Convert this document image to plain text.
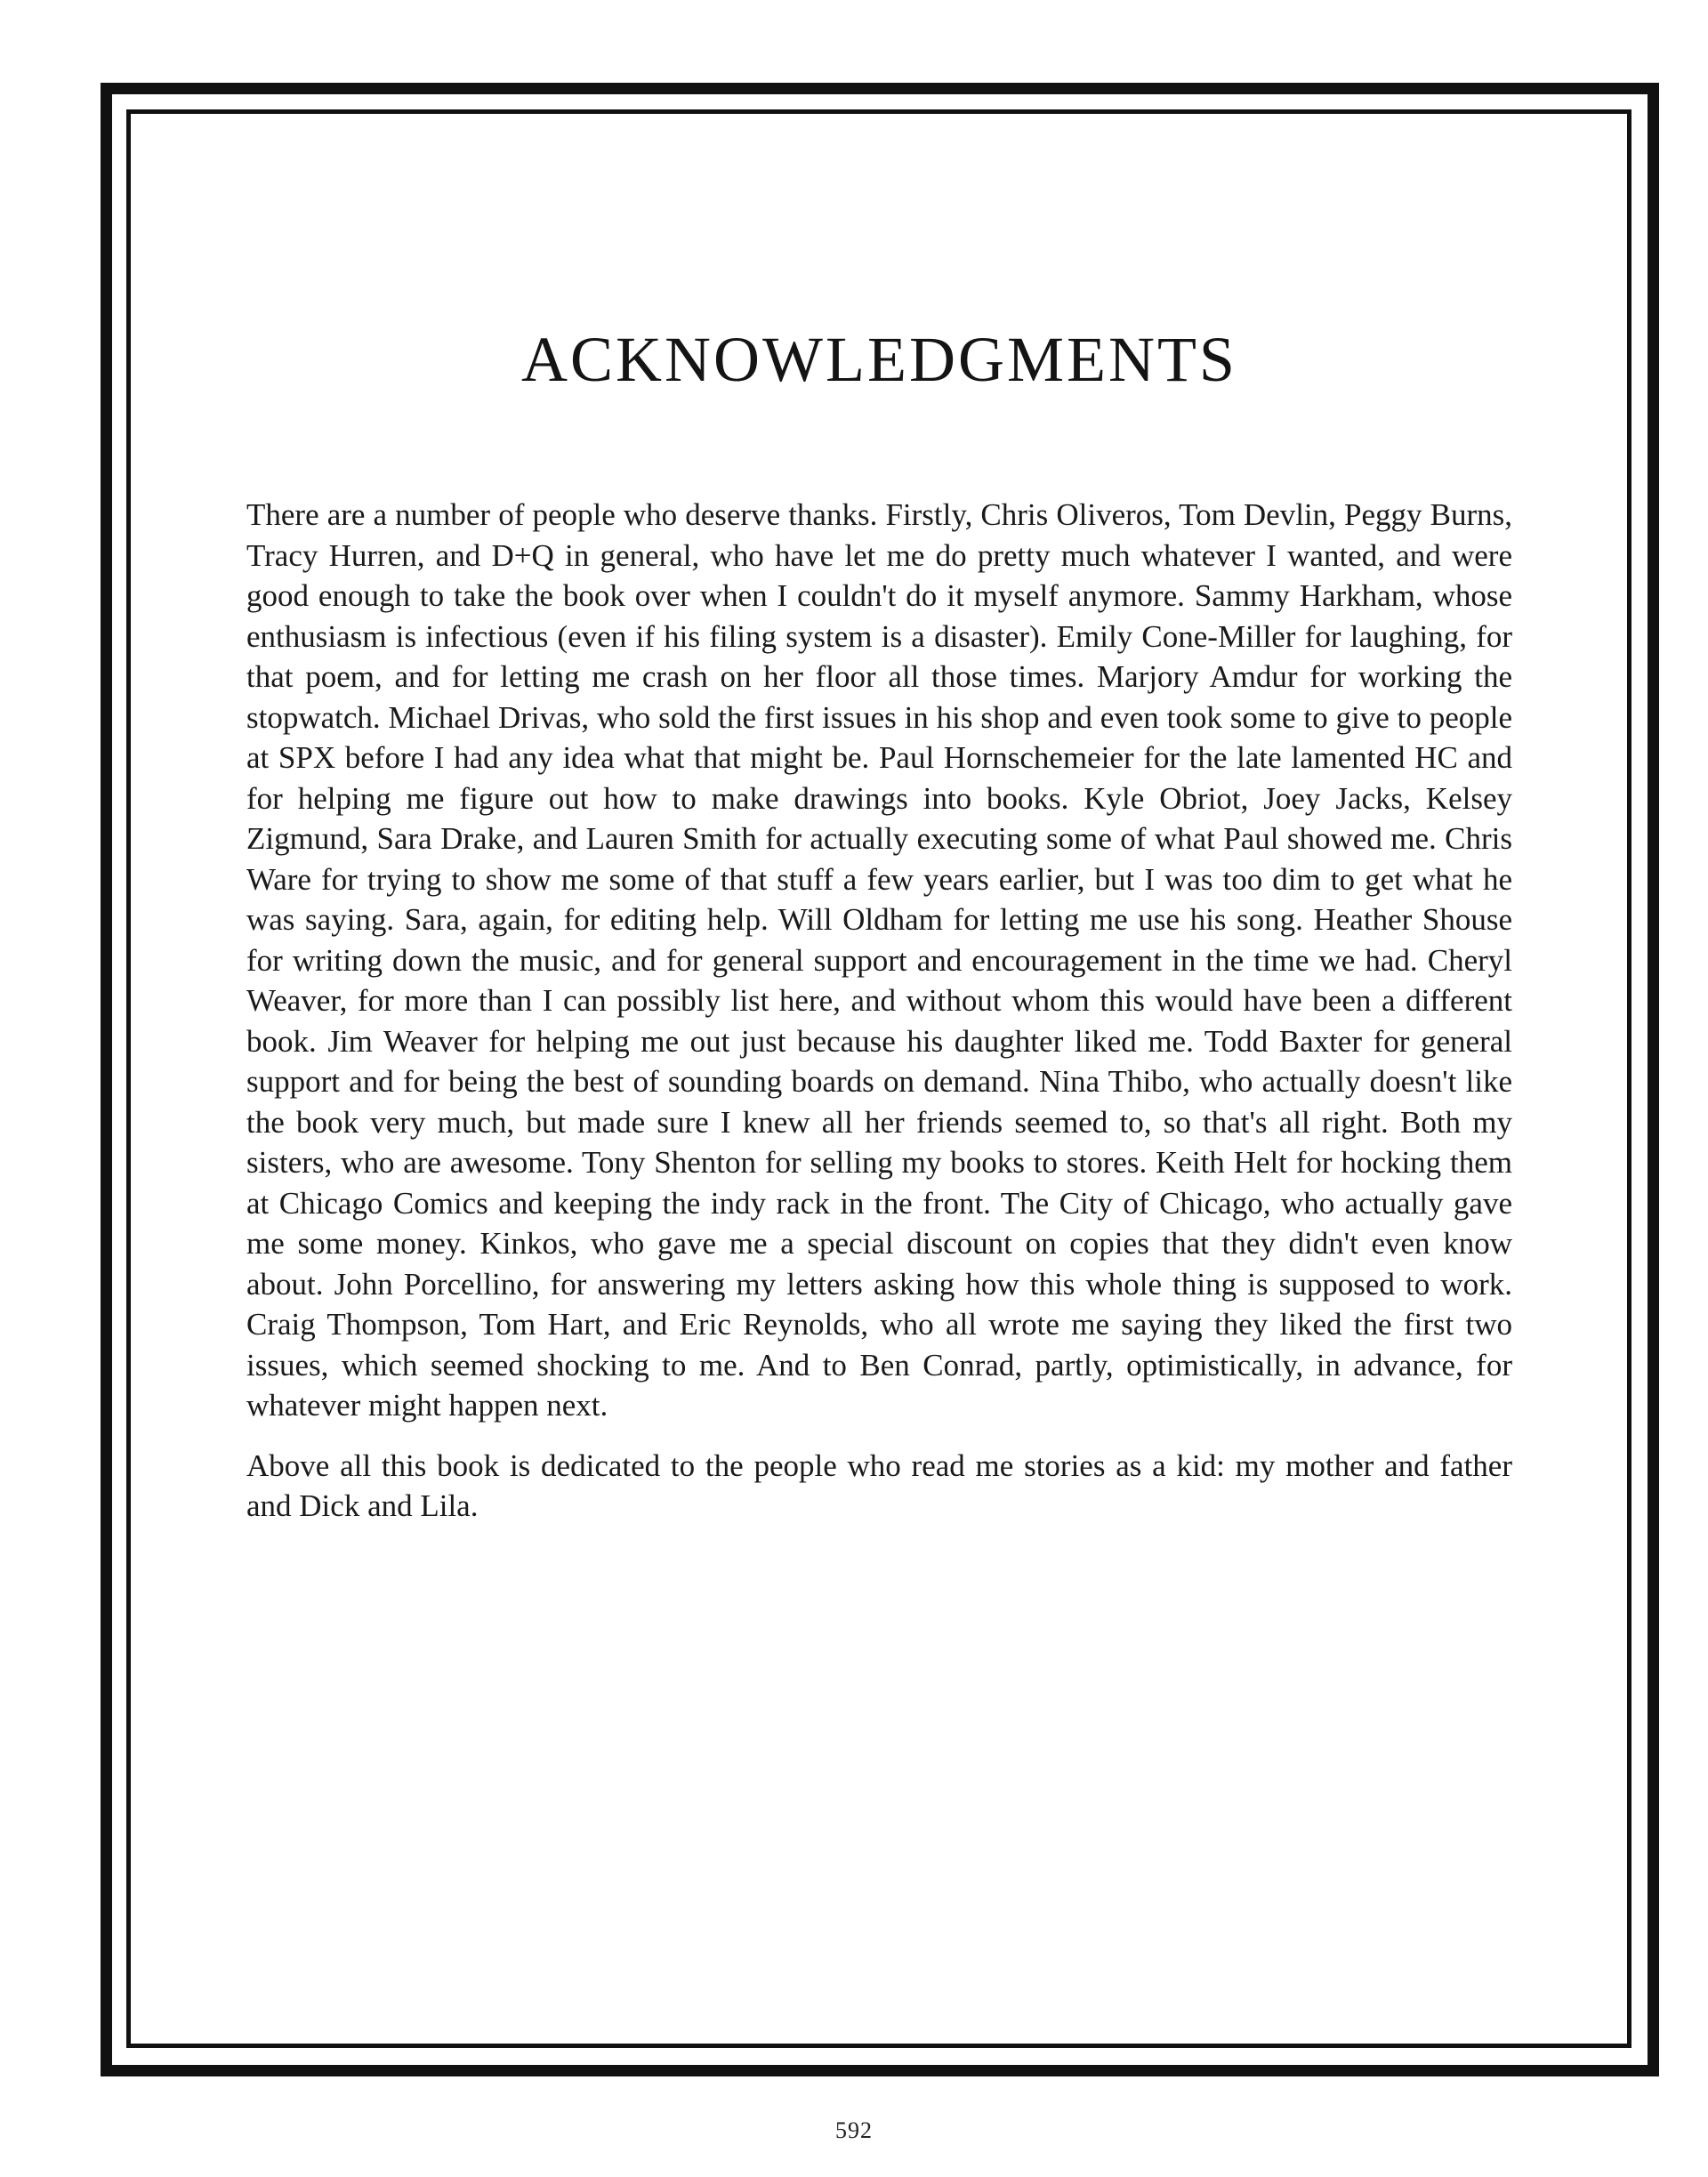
ACKNOWLEDGMENTS

There are a number of people who deserve thanks. Firstly, Chris Oliveros, Tom Devlin, Peggy Burns, Tracy Hurren, and D+Q in general, who have let me do pretty much whatever I wanted, and were good enough to take the book over when I couldn't do it myself anymore. Sammy Harkham, whose enthusiasm is infectious (even if his filing system is a disaster). Emily Cone-Miller for laughing, for that poem, and for letting me crash on her floor all those times. Marjory Amdur for working the stopwatch. Michael Drivas, who sold the first issues in his shop and even took some to give to people at SPX before I had any idea what that might be. Paul Hornschemeier for the late lamented HC and for helping me figure out how to make drawings into books. Kyle Obriot, Joey Jacks, Kelsey Zigmund, Sara Drake, and Lauren Smith for actually executing some of what Paul showed me. Chris Ware for trying to show me some of that stuff a few years earlier, but I was too dim to get what he was saying. Sara, again, for editing help. Will Oldham for letting me use his song. Heather Shouse for writing down the music, and for general support and encouragement in the time we had. Cheryl Weaver, for more than I can possibly list here, and without whom this would have been a different book. Jim Weaver for helping me out just because his daughter liked me. Todd Baxter for general support and for being the best of sounding boards on demand. Nina Thibo, who actually doesn't like the book very much, but made sure I knew all her friends seemed to, so that's all right. Both my sisters, who are awesome. Tony Shenton for selling my books to stores. Keith Helt for hocking them at Chicago Comics and keeping the indy rack in the front. The City of Chicago, who actually gave me some money. Kinkos, who gave me a special discount on copies that they didn't even know about. John Porcellino, for answering my letters asking how this whole thing is supposed to work. Craig Thompson, Tom Hart, and Eric Reynolds, who all wrote me saying they liked the first two issues, which seemed shocking to me. And to Ben Conrad, partly, optimistically, in advance, for whatever might happen next.

Above all this book is dedicated to the people who read me stories as a kid: my mother and father and Dick and Lila.

592
